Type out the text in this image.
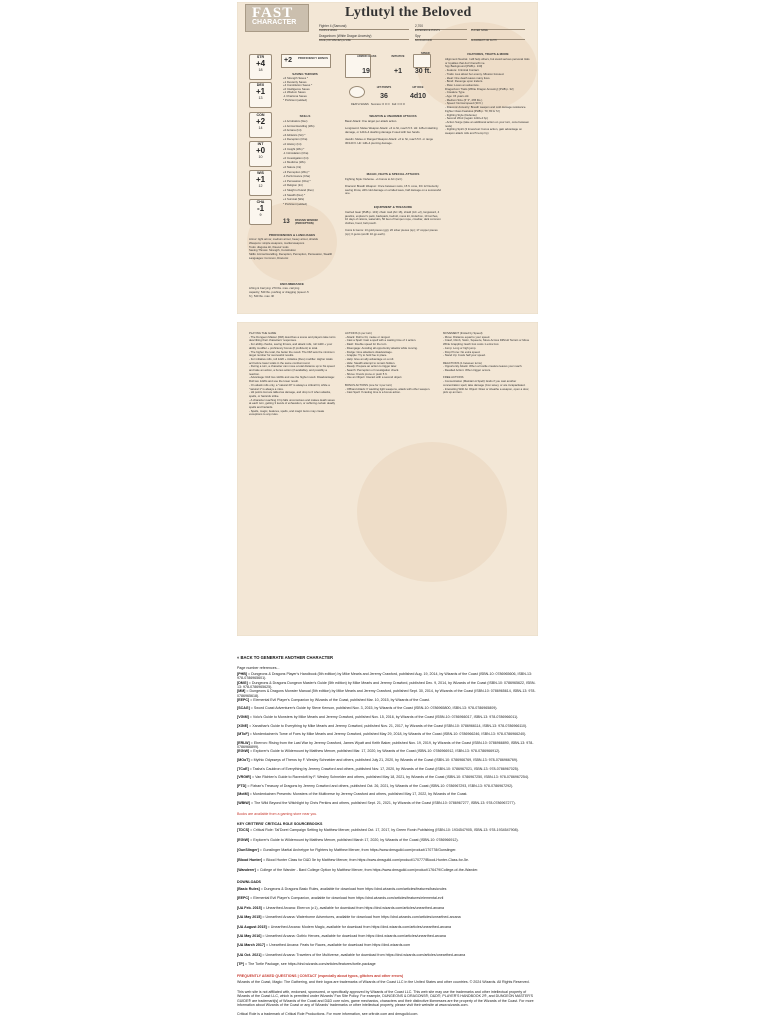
FAST
CHARACTER
Lytlutyl the Beloved
Fighter 4 (Samurai)
CLASS & LEVEL
Dragonborn (White Dragon Ancestry)
RACE (OR SPECIES) & SIZE
2,700
EXPERIENCE POINTS
Spy
BACKGROUND
PLAYER NAME
ALIGNMENT OR FAITH
STR
+4
18
DEX
+1
13
CON
+2
14
INT
+0
10
WIS
+1
12
CHA
-1
9
+2 PROFICIENCY BONUS
SAVING THROWS
+6 Strength Saves *
+1 Dexterity Saves
+4 Constitution Saves *
+0 Intelligence Saves
+1 Wisdom Saves
-1 Charisma Saves
* Proficient (added)
SKILLS
+1 Acrobatics (Dex)
+1 Animal Handling (Wis)
+0 Arcana (Int)
+6 Athletics (Str) *
+1 Deception (Cha)
+0 History (Int)
+3 Insight (Wis) *
-1 Intimidation (Cha)
+0 Investigation (Int)
+1 Medicine (Wis)
+0 Nature (Int)
+3 Perception (Wis) *
-1 Performance (Cha)
+1 Persuasion (Cha) *
+0 Religion (Int)
+1 Sleight of Hand (Dex)
+3 Stealth (Dex) *
+1 Survival (Wis)
* Proficient (added)
13	PASSIVE WISDOM (PERCEPTION)
PROFICIENCIES & LANGUAGES
Armor: light armor, medium armor, heavy armor, shields
Weapons: simple weapons, martial weapons
Tools: disguise kit, thieves' tools
Saving Throws: Strength, Constitution
Skills: Animal Handling, Deception, Perception, Persuasion, Stealth
Languages: Common, Draconic
ENCUMBRANCE
Lifting & Carrying: 270 lbs. max. carrying capacity; 540 lbs. pushing or dragging (speed -5 ft.); 540 lbs. max. lift
ARMOR CLASS
19
INITIATIVE
+1
SPEED
30 ft.
HIT POINTS
36
HIT DICE
4d10
DEATH SAVES   Success: O O O   Fail: O O O
WEAPON & UNARMED ATTACKS
Basic Attack: One target per attack action.

Longsword. Melee Weapon Attack: +6 to hit, reach 5 ft. Hit: 1d8+4 slashing damage, or 1d10+4 slashing damage if used with two hands.

Javelin. Melee or Ranged Weapon Attack: +6 to hit, reach 5 ft. or range 30/120 ft. Hit: 1d6+4 piercing damage.
MAGIC, FEATS & SPECIAL ATTACKS
Fighting Style: Defense. +1 bonus to AC (incl.)

Draconic Breath Weapon: Once between rests, 15 ft. cone, DC 12 Dexterity saving throw, 2d6 cold damage on a failed save, half damage on a successful one.
EQUIPMENT & TREASURE
Carried Gear [PHB p. 143]: chain mail (AC 16), shield (AC +2), longsword, 4 javelins, explorer's pack, backpack, bedroll, mess kit, tinderbox, 10 torches, 10 days of rations, waterskin, 50 feet of hempen rope, crowbar, dark common clothes, hood, belt pouch.

Coins & Gems: 13 gold pieces (gp); 20 silver pieces (sp); 17 copper pieces (cp); 0 gems (worth 10 gp each).
FEATURES, TRAITS & MORE
Alignment Neutral. I will help others, but avoid serious personal risks or loyalties that don't benefit me.
Spy Background [PHB p. 130]
- Feature: Criminal Contact.
- Traits: Lies about her enemy. Mission focused.
- Ideal: One death saves many lives.
- Bond: Revenge upon traitors.
- Flaw: Loves an adventure.
Dragonborn Traits [White Dragon Ancestry] [PHB p. 32]
- Creature Type.
- Age: 15 years old.
- Medium Size (6' 3", 265 lbs.)
- Speed: Normal speed (30 ft.)
- Draconic Ancestry: Breath weapon and cold damage resistance.
Fighter Class Features [PHB p. 70, 80 & 72]
- Fighting Style (Defense)
- Second Wind (regain 1d10+4 hp)
- Action Surge (take an additional action on your turn, once between rests)
- Fighting Spirit (3 times/rest: bonus action, gain advantage on weapon attack rolls and 5 temp hp)
PLAYING THE GAME
- The Dungeon Master (DM) describes a scene and players take turns describing their characters' responses.
- For ability checks, saving throws, and attack rolls, roll 1d20 + your ability modifier + proficiency bonus (if proficient) to total.
- The higher the total, the better the result. The DM sets the minimum target number for successful results.
- For initiative rolls, roll 1d20 + initiative (Dex) modifier. Higher totals act before lower totals in the same combat round.
- During a turn, a character can move a total distance up to his speed and take an action, a bonus action (if available), and possibly a reaction.
- Advantage: Roll two 1d20s and use the higher result. Disadvantage: Roll two 1d20s and use the lower result.
- On attack rolls only, a "natural 20" is always a critical hit, while a "natural 1" is always a miss.
- Hit points lost are tallied as damage, and drop to 0 when attacks, spells, or hazards strike.
- A character reaching 0 hp falls unconscious and makes death saves at each turn, getting 3 levels of exhaustion, or suffering certain deadly spells and hazards.
- Spells, magic, features, spells, and magic items may create exceptions to any rules.
ACTIONS (1 per turn)
- Attack: Roll to hit, melee or ranged.
- Cast a Spell: Cast a spell with a casting time of 1 action.
- Dash: Double speed for the turn.
- Disengage: Avoiding all opportunity attacks while moving.
- Dodge: Give attackers disadvantage.
- Grapple: Try to hold foe in place.
- Help: Give an ally advantage on a roll.
- Hide: Stealth attempt to remain hidden.
- Ready: Prepare an action to trigger later.
- Search: Perception or Investigation check.
- Shove: Knock prone or push 5 ft.
- Use an Object: Interact with a second object.

BONUS ACTIONS (one for 1 per turn)
- Offhand Attack: If wielding light weapons, attack with other weapon.
- Cast Spell: If casting time is a bonus action.
MOVEMENT (limited by Speed)
- Move: Distance equal to your speed.
- Crawl, Climb, Swim, Squeeze, Move Across Difficult Terrain or Move While Grappling: Each foot costs 1 extra foot.
- Jump: Long or high jump.
- Drop Prone: No extra speed.
- Stand Up: Costs half your speed.

REACTIONS (1 between turns)
- Opportunity Attack: When a hostile creature leaves your reach.
- Readied Action: When trigger occurs.

FREE ACTIONS
- Concentration (Maintain A Spell): Ends if you cast another concentration spell, take damage (Con save), or are incapacitated.
- Interacting With An Object: Draw or sheathe a weapon, open a door, pick up an item.
« BACK TO GENERATE ANOTHER CHARACTER
Page number references...
[PHB] = Dungeons & Dragons Player's Handbook (5th edition) by Mike Mearls and Jeremy Crawford, published Aug. 19, 2014, by Wizards of the Coast (ISBN-10: 0786965606, ISBN-13: 978-0786965601).
[DMG] = Dungeons & Dragons Dungeon Master's Guide (5th edition) by Mike Mearls and Jeremy Crawford, published Dec. 9, 2014, by Wizards of the Coast (ISBN-10: 0786965622, ISBN-13: 978-0786965625).
[MM] = Dungeons & Dragons Monster Manual (5th edition) by Mike Mearls and Jeremy Crawford, published Sept. 30, 2014, by Wizards of the Coast (ISBN-10: 0786965614, ISBN-13: 978-0786965618).
[EEPC] = Elemental Evil Player's Companion by Wizards of the Coast, published Mar. 10, 2015, by Wizards of the Coast.
[SCAG] = Sword Coast Adventurer's Guide by Steve Kenson, published Nov. 3, 2015, by Wizards of the Coast (ISBN-10: 0786965800, ISBN-13: 978-0786965809).
[VGtM] = Volo's Guide to Monsters by Mike Mearls and Jeremy Crawford, published Nov. 15, 2016, by Wizards of the Coast (ISBN-10: 0786966017, ISBN-13: 978-0786966011).
[XGtE] = Xanathar's Guide to Everything by Mike Mearls and Jeremy Crawford, published Nov. 21, 2017, by Wizards of the Coast (ISBN-10: 0786966114, ISBN-13: 978-0786966110).
[MToF] = Mordenkainen's Tome of Foes by Mike Mearls and Jeremy Crawford, published May 29, 2018, by Wizards of the Coast (ISBN-10: 0786966246, ISBN-13: 978-0786966240).
[ERLW] = Eberron: Rising from the Last War by Jeremy Crawford, James Wyatt and Keith Baker, published Nov. 19, 2019, by Wizards of the Coast (ISBN-10: 0786966890, ISBN-13: 978-0786966899).
[EGtW] = Explorer's Guide to Wildemount by Matthew Mercer, published Mar. 17, 2020, by Wizards of the Coast (ISBN-10: 0786966912, ISBN-13: 978-0786966912).
[MOoT] = Mythic Odysseys of Theros by F. Wesley Schneider and others, published July 21, 2020, by Wizards of the Coast (ISBN-10: 0786966769, ISBN-13: 978-0786966769).
[TCoE] = Tasha's Cauldron of Everything by Jeremy Crawford and others, published Nov. 17, 2020, by Wizards of the Coast (ISBN-10: 0786967021, ISBN-13: 978-0786967025).
[VRGtR] = Van Richten's Guide to Ravenloft by F. Wesley Schneider and others, published May 18, 2021, by Wizards of the Coast (ISBN-10: 0786967250, ISBN-13: 978-0786967254).
[FTD] = Fizban's Treasury of Dragons by Jeremy Crawford and others, published Oct. 26, 2021, by Wizards of the Coast (ISBN-10: 0786967293, ISBN-13: 978-0786967292).
[MotM] = Mordenkainen Presents: Monsters of the Multiverse by Jeremy Crawford and others, published May 17, 2022, by Wizards of the Coast.
[WBtW] = The Wild Beyond the Witchlight by Chris Perkins and others, published Sept. 21, 2021, by Wizards of the Coast (ISBN-10: 0786967277, ISBN-13: 978-0786967277).
Books are available from a gaming store near you.
KEY CRITTERS' CRITICAL ROLE SOURCEBOOKS
[TDCS] = Critical Role: Tal'Dorei Campaign Setting by Matthew Mercer, published Oct. 17, 2017, by Green Ronin Publishing (ISBN-10: 1934547905, ISBN-13: 978-1934547908).
[EGtW] = Explorer's Guide to Wildemount by Matthew Mercer, published March 17, 2020, by Wizards of the Coast (ISBN-10: 0786966912).
[GunSlinger] = Gunslinger Martial Archetype for Fighters by Matthew Mercer, from https://www.dmsguild.com/product/170778/Gunslinger.
[Blood Hunter] = Blood Hunter Class for D&D 5e by Matthew Mercer, from https://www.dmsguild.com/product/170777/Blood-Hunter-Class-for-5e.
[Wanderer] = College of the Wander - Bard College Option by Matthew Mercer, from https://www.dmsguild.com/product/176479/College-of-the-Wander.
DOWNLOADS
[Basic Rules] = Dungeons & Dragons Basic Rules, available for download from https://dnd.wizards.com/articles/features/basicrules
[EEPC] = Elemental Evil Player's Companion, available for download from https://dnd.wizards.com/articles/features/elemental-evil
[UA Feb. 2015] = Unearthed Arcana: Eberron (v.1), available for download from https://dnd.wizards.com/articles/unearthed-arcana
[UA May 2015] = Unearthed Arcana: Waterborne Adventures, available for download from https://dnd.wizards.com/articles/unearthed-arcana
[UA August 2015] = Unearthed Arcana: Modern Magic, available for download from https://dnd.wizards.com/articles/unearthed-arcana
[UA May 2016] = Unearthed Arcana: Gothic Heroes, available for download from https://dnd.wizards.com/articles/unearthed-arcana
[UA March 2017] = Unearthed Arcana: Feats for Races, available for download from https://dnd.wizards.com
[UA Oct. 2021] = Unearthed Arcana: Travelers of the Multiverse, available for download from https://dnd.wizards.com/articles/unearthed-arcana
[TP] = The Tortle Package, see https://dnd.wizards.com/articles/features/tortle-package
FREQUENTLY ASKED QUESTIONS | CONTACT (especially about typos, glitches and other errors)
Wizards of the Coast, Magic: The Gathering, and their logos are trademarks of Wizards of the Coast LLC in the United States and other countries. © 2024 Wizards. All Rights Reserved.
This web site is not affiliated with, endorsed, sponsored, or specifically approved by Wizards of the Coast LLC. This web site may use the trademarks and other intellectual property of Wizards of the Coast LLC, which is permitted under Wizards' Fan Site Policy. For example, DUNGEONS & DRAGONS®, D&D®, PLAYER'S HANDBOOK 2®, and DUNGEON MASTER'S GUIDE® are trademark[s] of Wizards of the Coast and D&D core rules, game mechanics, characters and their distinctive likenesses are the property of the Wizards of the Coast. For more information about Wizards of the Coast or any of Wizards' trademarks or other intellectual property, please visit their website at www.wizards.com.
Critical Role is a trademark of Critical Role Productions. For more information, see critrole.com and dmsguild.com.
